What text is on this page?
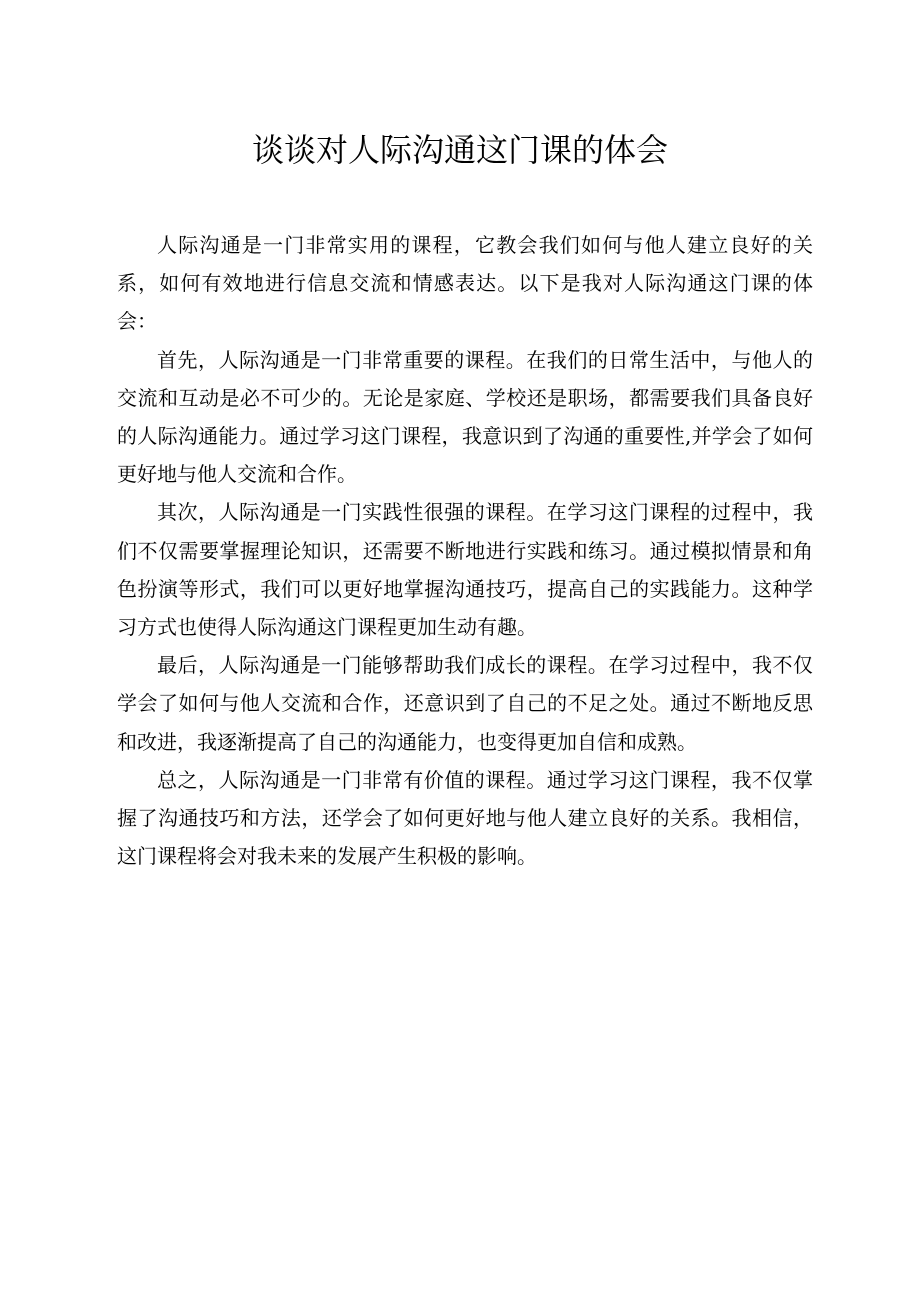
谈谈对人际沟通这门课的体会

人际沟通是一门非常实用的课程，它教会我们如何与他人建立良好的关系，如何有效地进行信息交流和情感表达。以下是我对人际沟通这门课的体会：

首先，人际沟通是一门非常重要的课程。在我们的日常生活中，与他人的交流和互动是必不可少的。无论是家庭、学校还是职场，都需要我们具备良好的人际沟通能力。通过学习这门课程，我意识到了沟通的重要性,并学会了如何更好地与他人交流和合作。

其次，人际沟通是一门实践性很强的课程。在学习这门课程的过程中，我们不仅需要掌握理论知识，还需要不断地进行实践和练习。通过模拟情景和角色扮演等形式，我们可以更好地掌握沟通技巧，提高自己的实践能力。这种学习方式也使得人际沟通这门课程更加生动有趣。

最后，人际沟通是一门能够帮助我们成长的课程。在学习过程中，我不仅学会了如何与他人交流和合作，还意识到了自己的不足之处。通过不断地反思和改进，我逐渐提高了自己的沟通能力，也变得更加自信和成熟。

总之，人际沟通是一门非常有价值的课程。通过学习这门课程，我不仅掌握了沟通技巧和方法，还学会了如何更好地与他人建立良好的关系。我相信，这门课程将会对我未来的发展产生积极的影响。
